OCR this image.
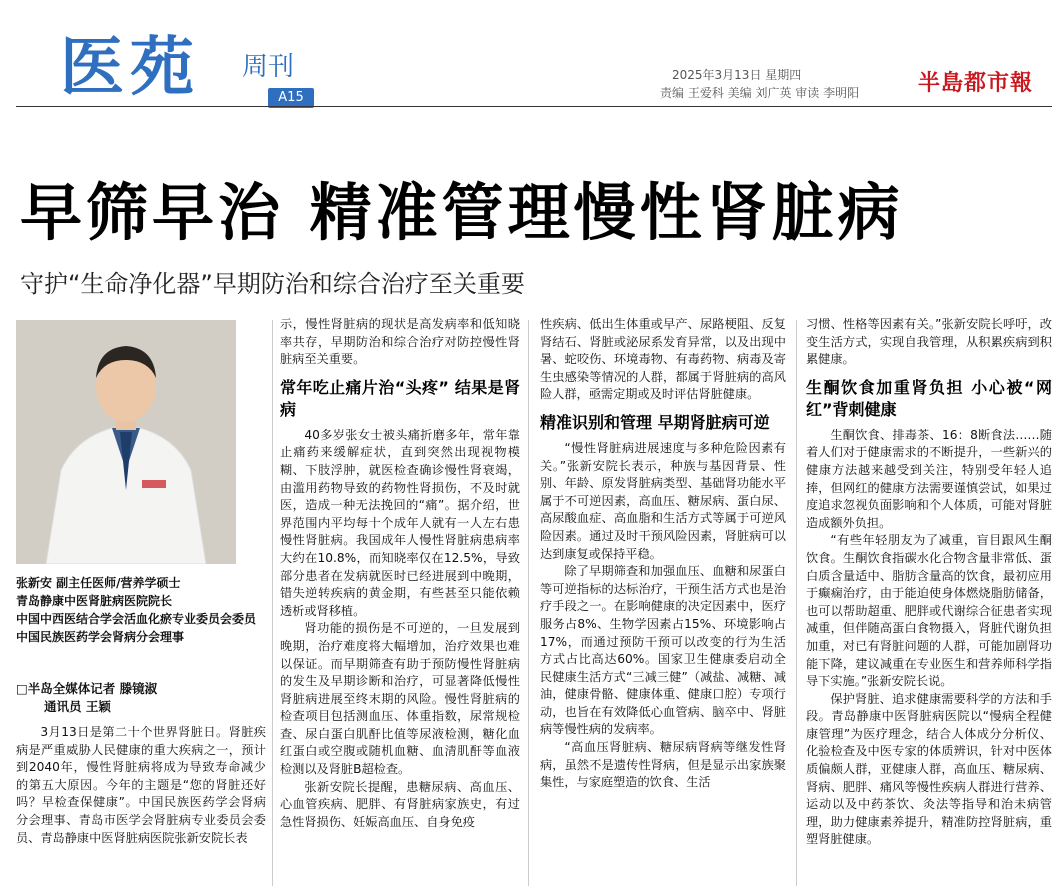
医苑 周刊
A15
2025年3月13日 星期四
责编 王爱科 美编 刘广英 审读 李明阳	半島都市報
早筛早治 精准管理慢性肾脏病
守护“生命净化器”早期防治和综合治疗至关重要
张新安 副主任医师/营养学硕士
青岛静康中医肾脏病医院院长
中国中西医结合学会活血化瘀专业委员会委员
中国民族医药学会肾病分会理事
□半岛全媒体记者 滕镜淑
通讯员 王颖

3月13日是第二十个世界肾脏日。肾脏疾病是严重威胁人民健康的重大疾病之一，预计到2040年，慢性肾脏病将成为导致寿命减少的第五大原因。今年的主题是“您的肾脏还好吗？早检查保健康”。中国民族医药学会肾病分会理事、青岛市医学会肾脏病专业委员会委员、青岛静康中医肾脏病医院张新安院长表

示，慢性肾脏病的现状是高发病率和低知晓率共存，早期防治和综合治疗对防控慢性肾脏病至关重要。

常年吃止痛片治“头疼” 结果是肾病

40多岁张女士被头痛折磨多年，常年靠止痛药来缓解症状，直到突然出现视物模糊、下肢浮肿，就医检查确诊慢性肾衰竭，由滥用药物导致的药物性肾损伤，不及时就医，造成一种无法挽回的“痛”。据介绍，世界范围内平均每十个成年人就有一人左右患慢性肾脏病。我国成年人慢性肾脏病患病率大约在10.8%，而知晓率仅在12.5%，导致部分患者在发病就医时已经进展到中晚期，错失逆转疾病的黄金期，有些甚至只能依赖透析或肾移植。

肾功能的损伤是不可逆的，一旦发展到晚期，治疗难度将大幅增加，治疗效果也难以保证。而早期筛查有助于预防慢性肾脏病的发生及早期诊断和治疗，可显著降低慢性肾脏病进展至终末期的风险。慢性肾脏病的检查项目包括测血压、体重指数，尿常规检查、尿白蛋白肌酐比值等尿液检测，糖化血红蛋白或空腹或随机血糖、血清肌酐等血液检测以及肾脏B超检查。

张新安院长提醒，患糖尿病、高血压、心血管疾病、肥胖、有肾脏病家族史，有过急性肾损伤、妊娠高血压、自身免疫

性疾病、低出生体重或早产、尿路梗阻、反复肾结石、肾脏或泌尿系发育异常，以及出现中暑、蛇咬伤、环境毒物、有毒药物、病毒及寄生虫感染等情况的人群，都属于肾脏病的高风险人群，亟需定期或及时评估肾脏健康。

精准识别和管理 早期肾脏病可逆

“慢性肾脏病进展速度与多种危险因素有关。”张新安院长表示，种族与基因背景、性别、年龄、原发肾脏病类型、基础肾功能水平属于不可逆因素，高血压、糖尿病、蛋白尿、高尿酸血症、高血脂和生活方式等属于可逆风险因素。通过及时干预风险因素，肾脏病可以达到康复或保持平稳。

除了早期筛查和加强血压、血糖和尿蛋白等可逆指标的达标治疗，干预生活方式也是治疗手段之一。在影响健康的决定因素中，医疗服务占8%、生物学因素占15%、环境影响占17%，而通过预防干预可以改变的行为生活方式占比高达60%。国家卫生健康委启动全民健康生活方式“三减三健”（减盐、减糖、减油，健康骨骼、健康体重、健康口腔）专项行动，也旨在有效降低心血管病、脑卒中、肾脏病等慢性病的发病率。

“高血压肾脏病、糖尿病肾病等继发性肾病，虽然不是遗传性肾病，但是显示出家族聚集性，与家庭塑造的饮食、生活

习惯、性格等因素有关。”张新安院长呼吁，改变生活方式，实现自我管理，从积累疾病到积累健康。

生酮饮食加重肾负担 小心被“网红”背刺健康

生酮饮食、排毒茶、16：8断食法……随着人们对于健康需求的不断提升，一些新兴的健康方法越来越受到关注，特别受年轻人追捧，但网红的健康方法需要谨慎尝试，如果过度追求忽视负面影响和个人体质，可能对肾脏造成额外负担。

“有些年轻朋友为了减重，盲目跟风生酮饮食。生酮饮食指碳水化合物含量非常低、蛋白质含量适中、脂肪含量高的饮食，最初应用于癫痫治疗，由于能迫使身体燃烧脂肪储备，也可以帮助超重、肥胖或代谢综合征患者实现减重，但伴随高蛋白食物摄入，肾脏代谢负担加重，对已有肾脏问题的人群，可能加剧肾功能下降，建议减重在专业医生和营养师科学指导下实施。”张新安院长说。

保护肾脏、追求健康需要科学的方法和手段。青岛静康中医肾脏病医院以“慢病全程健康管理”为医疗理念，结合人体成分分析仪、化验检查及中医专家的体质辨识，针对中医体质偏颇人群，亚健康人群，高血压、糖尿病、肾病、肥胖、痛风等慢性疾病人群进行营养、运动以及中药茶饮、灸法等指导和治未病管理，助力健康素养提升，精准防控肾脏病，重塑肾脏健康。
